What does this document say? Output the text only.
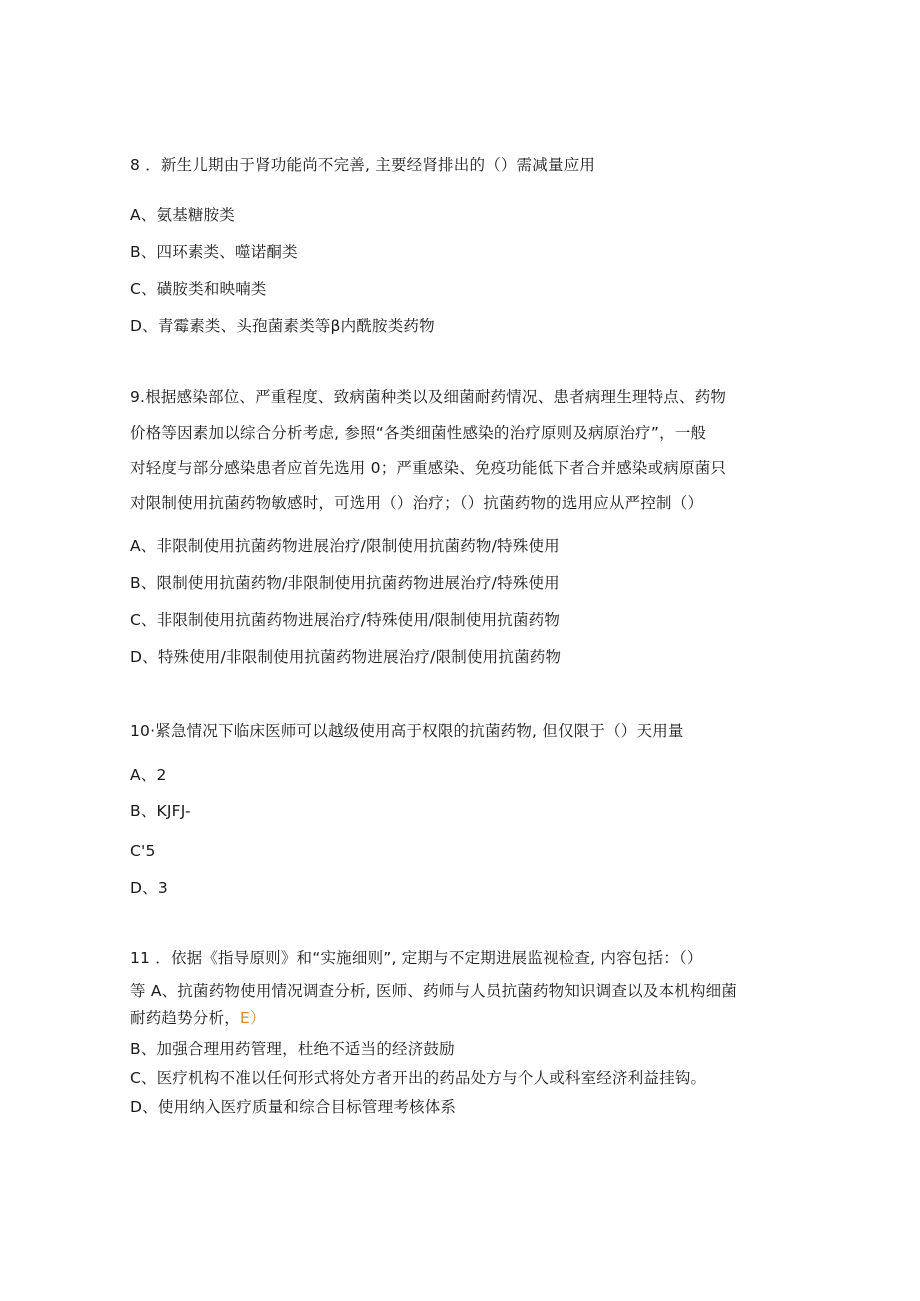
8 ．新生儿期由于肾功能尚不完善, 主要经肾排出的（）需减量应用
A、氨基糖胺类
B、四环素类、噬诺酮类
C、磺胺类和映喃类
D、青霉素类、头孢菌素类等β内酰胺类药物
9.根据感染部位、严重程度、致病菌种类以及细菌耐药情况、患者病理生理特点、药物
价格等因素加以综合分析考虑, 参照“各类细菌性感染的治疗原则及病原治疗”，一般
对轻度与部分感染患者应首先选用 0；严重感染、免疫功能低下者合并感染或病原菌只
对限制使用抗菌药物敏感时，可选用（）治疗；（）抗菌药物的选用应从严控制（）
A、非限制使用抗菌药物进展治疗/限制使用抗菌药物/特殊使用
B、限制使用抗菌药物/非限制使用抗菌药物进展治疗/特殊使用
C、非限制使用抗菌药物进展治疗/特殊使用/限制使用抗菌药物
D、特殊使用/非限制使用抗菌药物进展治疗/限制使用抗菌药物
10·紧急情况下临床医师可以越级使用高于权限的抗菌药物, 但仅限于（）天用量
A、2
B、KJFJ-
C'5
D、3
11 ．依据《指导原则》和“实施细则”, 定期与不定期进展监视检查, 内容包括：（）
等 A、抗菌药物使用情况调查分析, 医师、药师与人员抗菌药物知识调查以及本机构细菌
耐药趋势分析，E）
B、加强合理用药管理，杜绝不适当的经济鼓励
C、医疗机构不准以任何形式将处方者开出的药品处方与个人或科室经济利益挂钩。
D、使用纳入医疗质量和综合目标管理考核体系
